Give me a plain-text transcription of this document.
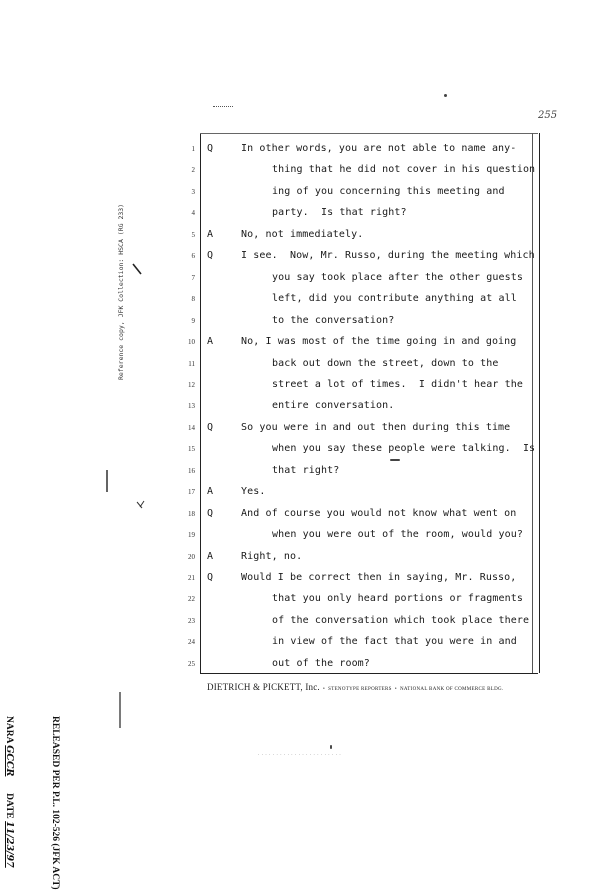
255
1 Q	In other words, you are not able to name any-
2	thing that he did not cover in his question
3	ing of you concerning this meeting and
4	party.  Is that right?
5 A	No, not immediately.
6 Q	I see.  Now, Mr. Russo, during the meeting which
7	you say took place after the other guests
8	left, did you contribute anything at all
9	to the conversation?
10 A	No, I was most of the time going in and going
11	back out down the street, down to the
12	street a lot of times.  I didn't hear the
13	entire conversation.
14 Q	So you were in and out then during this time
15	when you say these people were talking.  Is
16	that right?
17 A	Yes.
18 Q	And of course you would not know what went on
19	when you were out of the room, would you?
20 A	Right, no.
21 Q	Would I be correct then in saying, Mr. Russo,
22	that you only heard portions or fragments
23	of the conversation which took place there
24	in view of the fact that you were in and
25	out of the room?
DIETRICH & PICKETT, Inc.  •  STENOTYPE REPORTERS  •  NATIONAL BANK OF COMMERCE BLDG.
Reference copy, JFK Collection: HSCA (RG 233)

RELEASED PER P.L. 102-526 (JFK ACT)

NARA GCCR       DATE 11/23/97

. . . . . . . . . . . . . . . . . . . . . . .
